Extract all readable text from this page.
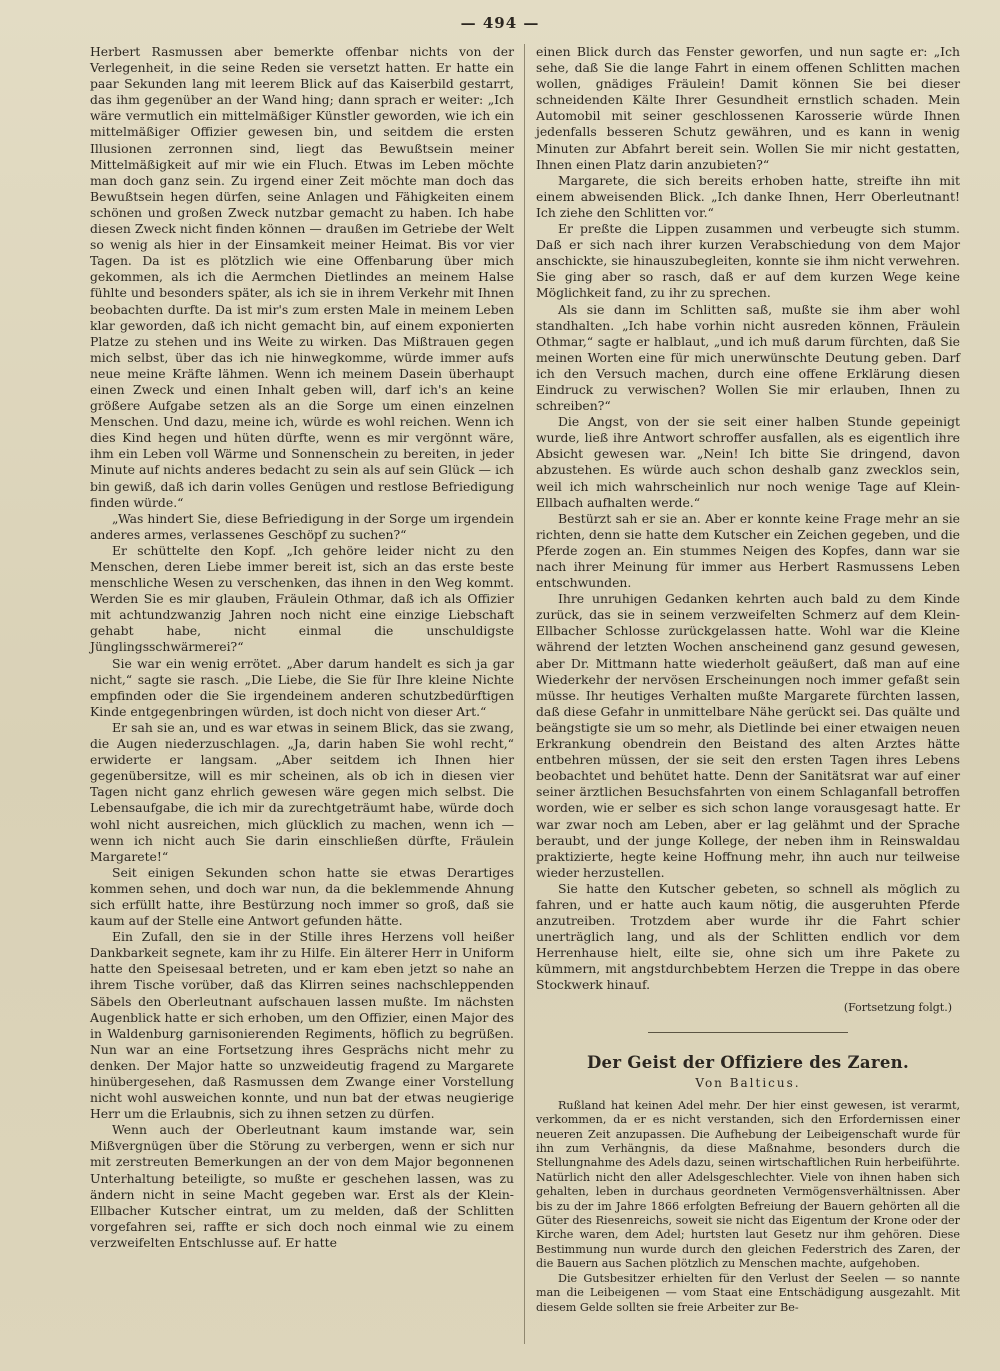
— 494 —

Herbert Rasmussen aber bemerkte offenbar nichts von der Verlegenheit, in die seine Reden sie versetzt hatten. Er hatte ein paar Sekunden lang mit leerem Blick auf das Kaiserbild gestarrt, das ihm gegenüber an der Wand hing; dann sprach er weiter: „Ich wäre vermutlich ein mittelmäßiger Künstler geworden, wie ich ein mittelmäßiger Offizier gewesen bin, und seitdem die ersten Illusionen zerronnen sind, liegt das Bewußtsein meiner Mittelmäßigkeit auf mir wie ein Fluch. Etwas im Leben möchte man doch ganz sein. Zu irgend einer Zeit möchte man doch das Bewußtsein hegen dürfen, seine Anlagen und Fähigkeiten einem schönen und großen Zweck nutzbar gemacht zu haben. Ich habe diesen Zweck nicht finden können — draußen im Getriebe der Welt so wenig als hier in der Einsamkeit meiner Heimat. Bis vor vier Tagen. Da ist es plötzlich wie eine Offenbarung über mich gekommen, als ich die Aermchen Dietlindes an meinem Halse fühlte und besonders später, als ich sie in ihrem Verkehr mit Ihnen beobachten durfte. Da ist mir's zum ersten Male in meinem Leben klar geworden, daß ich nicht gemacht bin, auf einem exponierten Platze zu stehen und ins Weite zu wirken. Das Mißtrauen gegen mich selbst, über das ich nie hinwegkomme, würde immer aufs neue meine Kräfte lähmen. Wenn ich meinem Dasein überhaupt einen Zweck und einen Inhalt geben will, darf ich's an keine größere Aufgabe setzen als an die Sorge um einen einzelnen Menschen. Und dazu, meine ich, würde es wohl reichen. Wenn ich dies Kind hegen und hüten dürfte, wenn es mir vergönnt wäre, ihm ein Leben voll Wärme und Sonnenschein zu bereiten, in jeder Minute auf nichts anderes bedacht zu sein als auf sein Glück — ich bin gewiß, daß ich darin volles Genügen und restlose Befriedigung finden würde.“

„Was hindert Sie, diese Befriedigung in der Sorge um irgendein anderes armes, verlassenes Geschöpf zu suchen?“

Er schüttelte den Kopf. „Ich gehöre leider nicht zu den Menschen, deren Liebe immer bereit ist, sich an das erste beste menschliche Wesen zu verschenken, das ihnen in den Weg kommt. Werden Sie es mir glauben, Fräulein Othmar, daß ich als Offizier mit achtundzwanzig Jahren noch nicht eine einzige Liebschaft gehabt habe, nicht einmal die unschuldigste Jünglingsschwärmerei?“

Sie war ein wenig errötet. „Aber darum handelt es sich ja gar nicht,“ sagte sie rasch. „Die Liebe, die Sie für Ihre kleine Nichte empfinden oder die Sie irgendeinem anderen schutzbedürftigen Kinde entgegenbringen würden, ist doch nicht von dieser Art.“

Er sah sie an, und es war etwas in seinem Blick, das sie zwang, die Augen niederzuschlagen. „Ja, darin haben Sie wohl recht,“ erwiderte er langsam. „Aber seitdem ich Ihnen hier gegenübersitze, will es mir scheinen, als ob ich in diesen vier Tagen nicht ganz ehrlich gewesen wäre gegen mich selbst. Die Lebensaufgabe, die ich mir da zurechtgeträumt habe, würde doch wohl nicht ausreichen, mich glücklich zu machen, wenn ich — wenn ich nicht auch Sie darin einschließen dürfte, Fräulein Margarete!“

Seit einigen Sekunden schon hatte sie etwas Derartiges kommen sehen, und doch war nun, da die beklemmende Ahnung sich erfüllt hatte, ihre Bestürzung noch immer so groß, daß sie kaum auf der Stelle eine Antwort gefunden hätte.

Ein Zufall, den sie in der Stille ihres Herzens voll heißer Dankbarkeit segnete, kam ihr zu Hilfe. Ein älterer Herr in Uniform hatte den Speisesaal betreten, und er kam eben jetzt so nahe an ihrem Tische vorüber, daß das Klirren seines nachschleppenden Säbels den Oberleutnant aufschauen lassen mußte. Im nächsten Augenblick hatte er sich erhoben, um den Offizier, einen Major des in Waldenburg garnisonierenden Regiments, höflich zu begrüßen. Nun war an eine Fortsetzung ihres Gesprächs nicht mehr zu denken. Der Major hatte so unzweideutig fragend zu Margarete hinübergesehen, daß Rasmussen dem Zwange einer Vorstellung nicht wohl ausweichen konnte, und nun bat der etwas neugierige Herr um die Erlaubnis, sich zu ihnen setzen zu dürfen.

Wenn auch der Oberleutnant kaum imstande war, sein Mißvergnügen über die Störung zu verbergen, wenn er sich nur mit zerstreuten Bemerkungen an der von dem Major begonnenen Unterhaltung beteiligte, so mußte er geschehen lassen, was zu ändern nicht in seine Macht gegeben war. Erst als der Klein-Ellbacher Kutscher eintrat, um zu melden, daß der Schlitten vorgefahren sei, raffte er sich doch noch einmal wie zu einem verzweifelten Entschlusse auf. Er hatte

einen Blick durch das Fenster geworfen, und nun sagte er: „Ich sehe, daß Sie die lange Fahrt in einem offenen Schlitten machen wollen, gnädiges Fräulein! Damit können Sie bei dieser schneidenden Kälte Ihrer Gesundheit ernstlich schaden. Mein Automobil mit seiner geschlossenen Karosserie würde Ihnen jedenfalls besseren Schutz gewähren, und es kann in wenig Minuten zur Abfahrt bereit sein. Wollen Sie mir nicht gestatten, Ihnen einen Platz darin anzubieten?“

Margarete, die sich bereits erhoben hatte, streifte ihn mit einem abweisenden Blick. „Ich danke Ihnen, Herr Oberleutnant! Ich ziehe den Schlitten vor.“

Er preßte die Lippen zusammen und verbeugte sich stumm. Daß er sich nach ihrer kurzen Verabschiedung von dem Major anschickte, sie hinauszubegleiten, konnte sie ihm nicht verwehren. Sie ging aber so rasch, daß er auf dem kurzen Wege keine Möglichkeit fand, zu ihr zu sprechen.

Als sie dann im Schlitten saß, mußte sie ihm aber wohl standhalten. „Ich habe vorhin nicht ausreden können, Fräulein Othmar,“ sagte er halblaut, „und ich muß darum fürchten, daß Sie meinen Worten eine für mich unerwünschte Deutung geben. Darf ich den Versuch machen, durch eine offene Erklärung diesen Eindruck zu verwischen? Wollen Sie mir erlauben, Ihnen zu schreiben?“

Die Angst, von der sie seit einer halben Stunde gepeinigt wurde, ließ ihre Antwort schroffer ausfallen, als es eigentlich ihre Absicht gewesen war. „Nein! Ich bitte Sie dringend, davon abzustehen. Es würde auch schon deshalb ganz zwecklos sein, weil ich mich wahrscheinlich nur noch wenige Tage auf Klein-Ellbach aufhalten werde.“

Bestürzt sah er sie an. Aber er konnte keine Frage mehr an sie richten, denn sie hatte dem Kutscher ein Zeichen gegeben, und die Pferde zogen an. Ein stummes Neigen des Kopfes, dann war sie nach ihrer Meinung für immer aus Herbert Rasmussens Leben entschwunden.

Ihre unruhigen Gedanken kehrten auch bald zu dem Kinde zurück, das sie in seinem verzweifelten Schmerz auf dem Klein-Ellbacher Schlosse zurückgelassen hatte. Wohl war die Kleine während der letzten Wochen anscheinend ganz gesund gewesen, aber Dr. Mittmann hatte wiederholt geäußert, daß man auf eine Wiederkehr der nervösen Erscheinungen noch immer gefaßt sein müsse. Ihr heutiges Verhalten mußte Margarete fürchten lassen, daß diese Gefahr in unmittelbare Nähe gerückt sei. Das quälte und beängstigte sie um so mehr, als Dietlinde bei einer etwaigen neuen Erkrankung obendrein den Beistand des alten Arztes hätte entbehren müssen, der sie seit den ersten Tagen ihres Lebens beobachtet und behütet hatte. Denn der Sanitätsrat war auf einer seiner ärztlichen Besuchsfahrten von einem Schlaganfall betroffen worden, wie er selber es sich schon lange vorausgesagt hatte. Er war zwar noch am Leben, aber er lag gelähmt und der Sprache beraubt, und der junge Kollege, der neben ihm in Reinswaldau praktizierte, hegte keine Hoffnung mehr, ihn auch nur teilweise wieder herzustellen.

Sie hatte den Kutscher gebeten, so schnell als möglich zu fahren, und er hatte auch kaum nötig, die ausgeruhten Pferde anzutreiben. Trotzdem aber wurde ihr die Fahrt schier unerträglich lang, und als der Schlitten endlich vor dem Herrenhause hielt, eilte sie, ohne sich um ihre Pakete zu kümmern, mit angstdurchbebtem Herzen die Treppe in das obere Stockwerk hinauf.

(Fortsetzung folgt.)

Der Geist der Offiziere des Zaren.

Von Balticus.

Rußland hat keinen Adel mehr. Der hier einst gewesen, ist verarmt, verkommen, da er es nicht verstanden, sich den Erfordernissen einer neueren Zeit anzupassen. Die Aufhebung der Leibeigenschaft wurde für ihn zum Verhängnis, da diese Maßnahme, besonders durch die Stellungnahme des Adels dazu, seinen wirtschaftlichen Ruin herbeiführte. Natürlich nicht den aller Adelsgeschlechter. Viele von ihnen haben sich gehalten, leben in durchaus geordneten Vermögensverhältnissen. Aber bis zu der im Jahre 1866 erfolgten Befreiung der Bauern gehörten all die Güter des Riesenreichs, soweit sie nicht das Eigentum der Krone oder der Kirche waren, dem Adel; hurtsten laut Gesetz nur ihm gehören. Diese Bestimmung nun wurde durch den gleichen Federstrich des Zaren, der die Bauern aus Sachen plötzlich zu Menschen machte, aufgehoben.

Die Gutsbesitzer erhielten für den Verlust der Seelen — so nannte man die Leibeigenen — vom Staat eine Entschädigung ausgezahlt. Mit diesem Gelde sollten sie freie Arbeiter zur Be-
